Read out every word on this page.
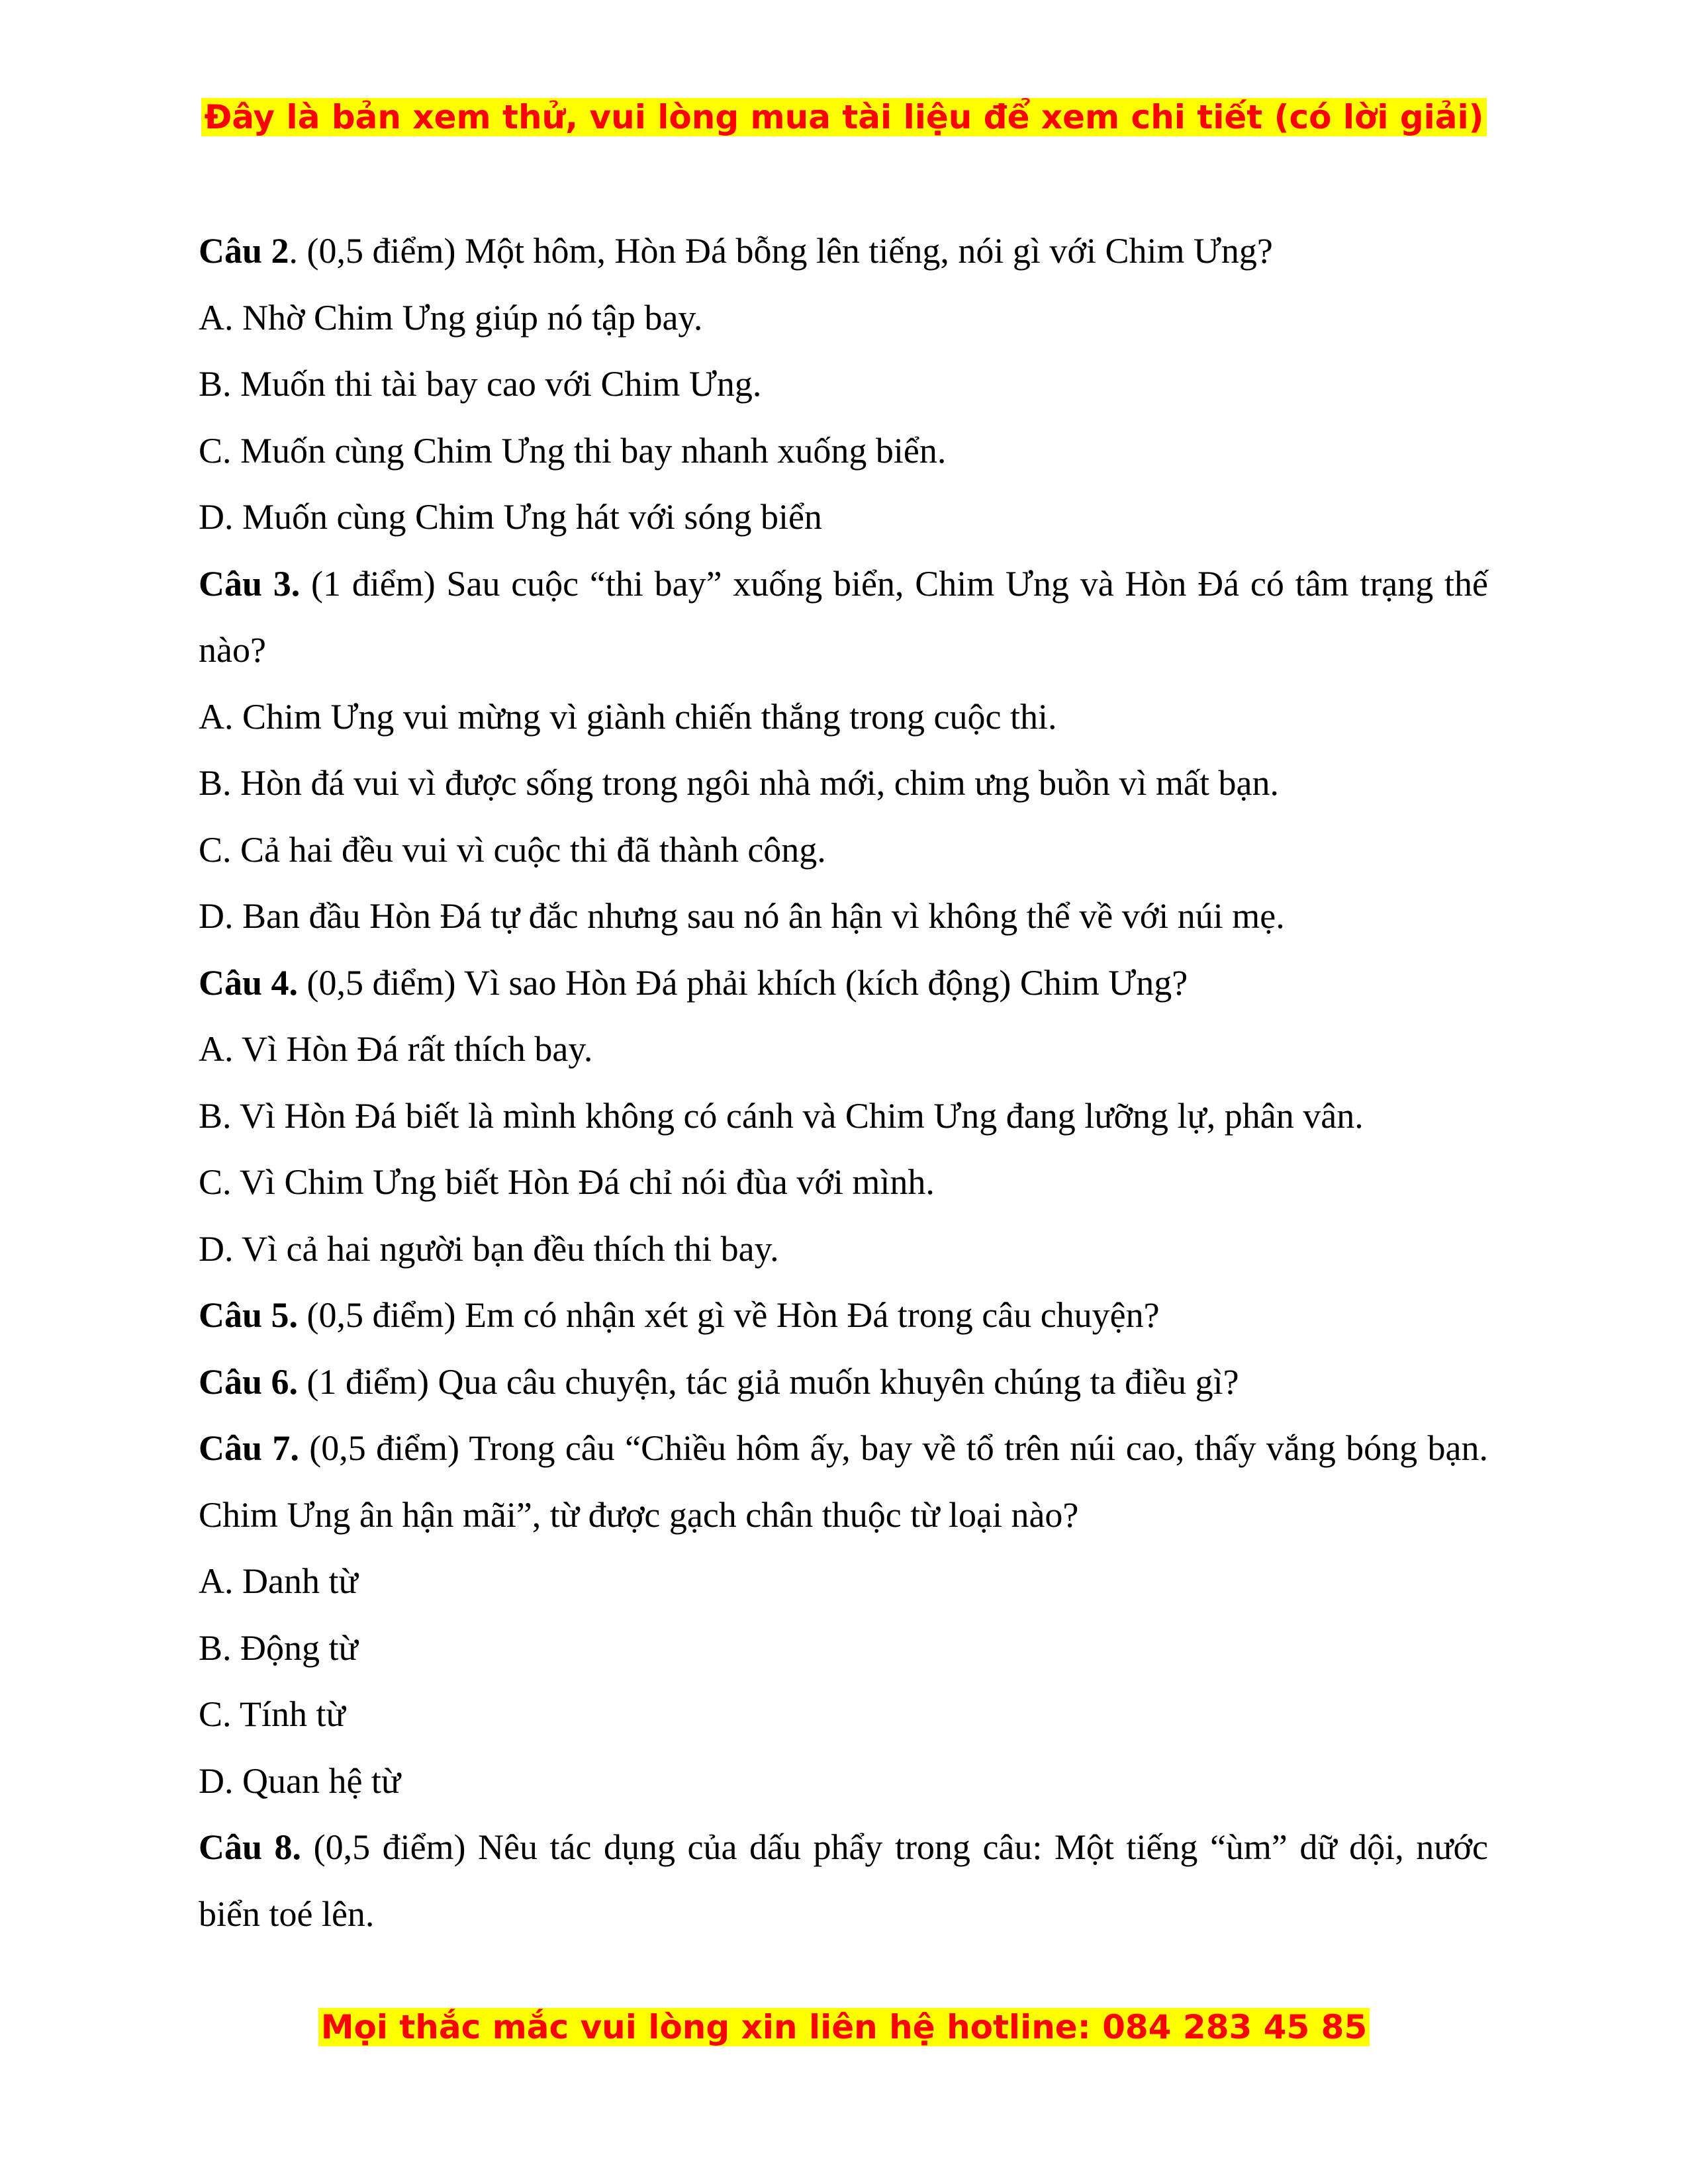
Đây là bản xem thử, vui lòng mua tài liệu để xem chi tiết (có lời giải)

Câu 2. (0,5 điểm) Một hôm, Hòn Đá bỗng lên tiếng, nói gì với Chim Ưng?

A. Nhờ Chim Ưng giúp nó tập bay.

B. Muốn thi tài bay cao với Chim Ưng.

C. Muốn cùng Chim Ưng thi bay nhanh xuống biển.

D. Muốn cùng Chim Ưng hát với sóng biển

Câu 3. (1 điểm) Sau cuộc “thi bay” xuống biển, Chim Ưng và Hòn Đá có tâm trạng thế nào?

A. Chim Ưng vui mừng vì giành chiến thắng trong cuộc thi.

B. Hòn đá vui vì được sống trong ngôi nhà mới, chim ưng buồn vì mất bạn.

C. Cả hai đều vui vì cuộc thi đã thành công.

D. Ban đầu Hòn Đá tự đắc nhưng sau nó ân hận vì không thể về với núi mẹ.

Câu 4. (0,5 điểm) Vì sao Hòn Đá phải khích (kích động) Chim Ưng?

A. Vì Hòn Đá rất thích bay.

B. Vì Hòn Đá biết là mình không có cánh và Chim Ưng đang lưỡng lự, phân vân.

C. Vì Chim Ưng biết Hòn Đá chỉ nói đùa với mình.

D. Vì cả hai người bạn đều thích thi bay.

Câu 5. (0,5 điểm) Em có nhận xét gì về Hòn Đá trong câu chuyện?

Câu 6. (1 điểm) Qua câu chuyện, tác giả muốn khuyên chúng ta điều gì?

Câu 7. (0,5 điểm) Trong câu “Chiều hôm ấy, bay về tổ trên núi cao, thấy vắng bóng bạn. Chim Ưng ân hận mãi”, từ được gạch chân thuộc từ loại nào?

A. Danh từ

B. Động từ

C. Tính từ

D. Quan hệ từ

Câu 8. (0,5 điểm) Nêu tác dụng của dấu phẩy trong câu: Một tiếng “ùm” dữ dội, nước biển toé lên.

Mọi thắc mắc vui lòng xin liên hệ hotline: 084 283 45 85
